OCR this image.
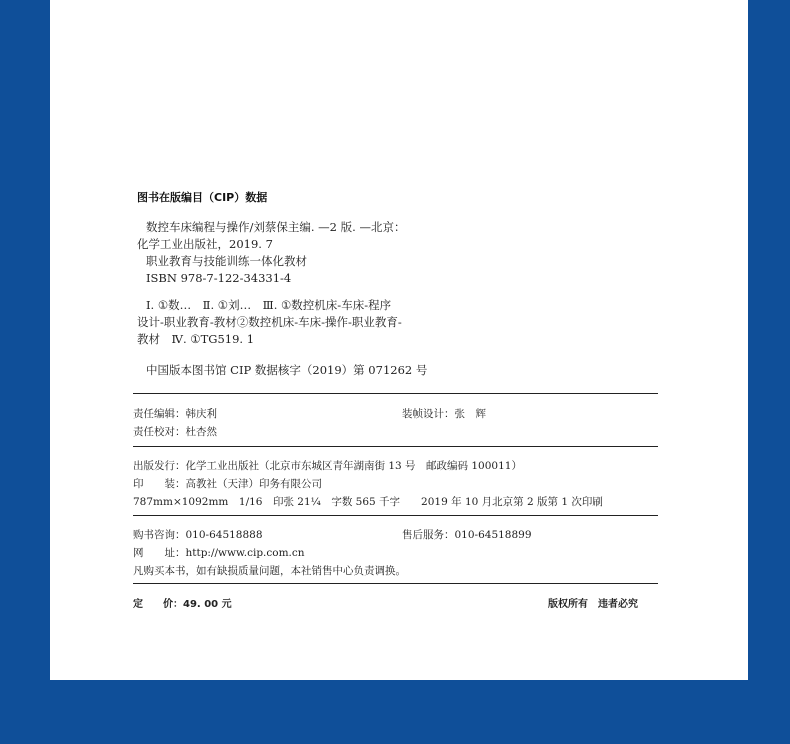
图书在版编目（CIP）数据
数控车床编程与操作/刘蔡保主编. —2 版. —北京：
化学工业出版社，2019. 7
职业教育与技能训练一体化教材
ISBN 978-7-122-34331-4
Ⅰ. ①数…　Ⅱ. ①刘…　Ⅲ. ①数控机床-车床-程序
设计-职业教育-教材②数控机床-车床-操作-职业教育-
教材　Ⅳ. ①TG519. 1
中国版本图书馆 CIP 数据核字（2019）第 071262 号
责任编辑：韩庆利	装帧设计：张　辉
责任校对：杜杏然
出版发行：化学工业出版社（北京市东城区青年湖南街 13 号　邮政编码 100011）
印　　装：高教社（天津）印务有限公司
787mm×1092mm　1/16　印张 21¼　字数 565 千字　　2019 年 10 月北京第 2 版第 1 次印刷
购书咨询：010-64518888	售后服务：010-64518899
网　　址：http://www.cip.com.cn
凡购买本书，如有缺损质量问题，本社销售中心负责调换。
定　　价：49. 00 元	版权所有　违者必究
